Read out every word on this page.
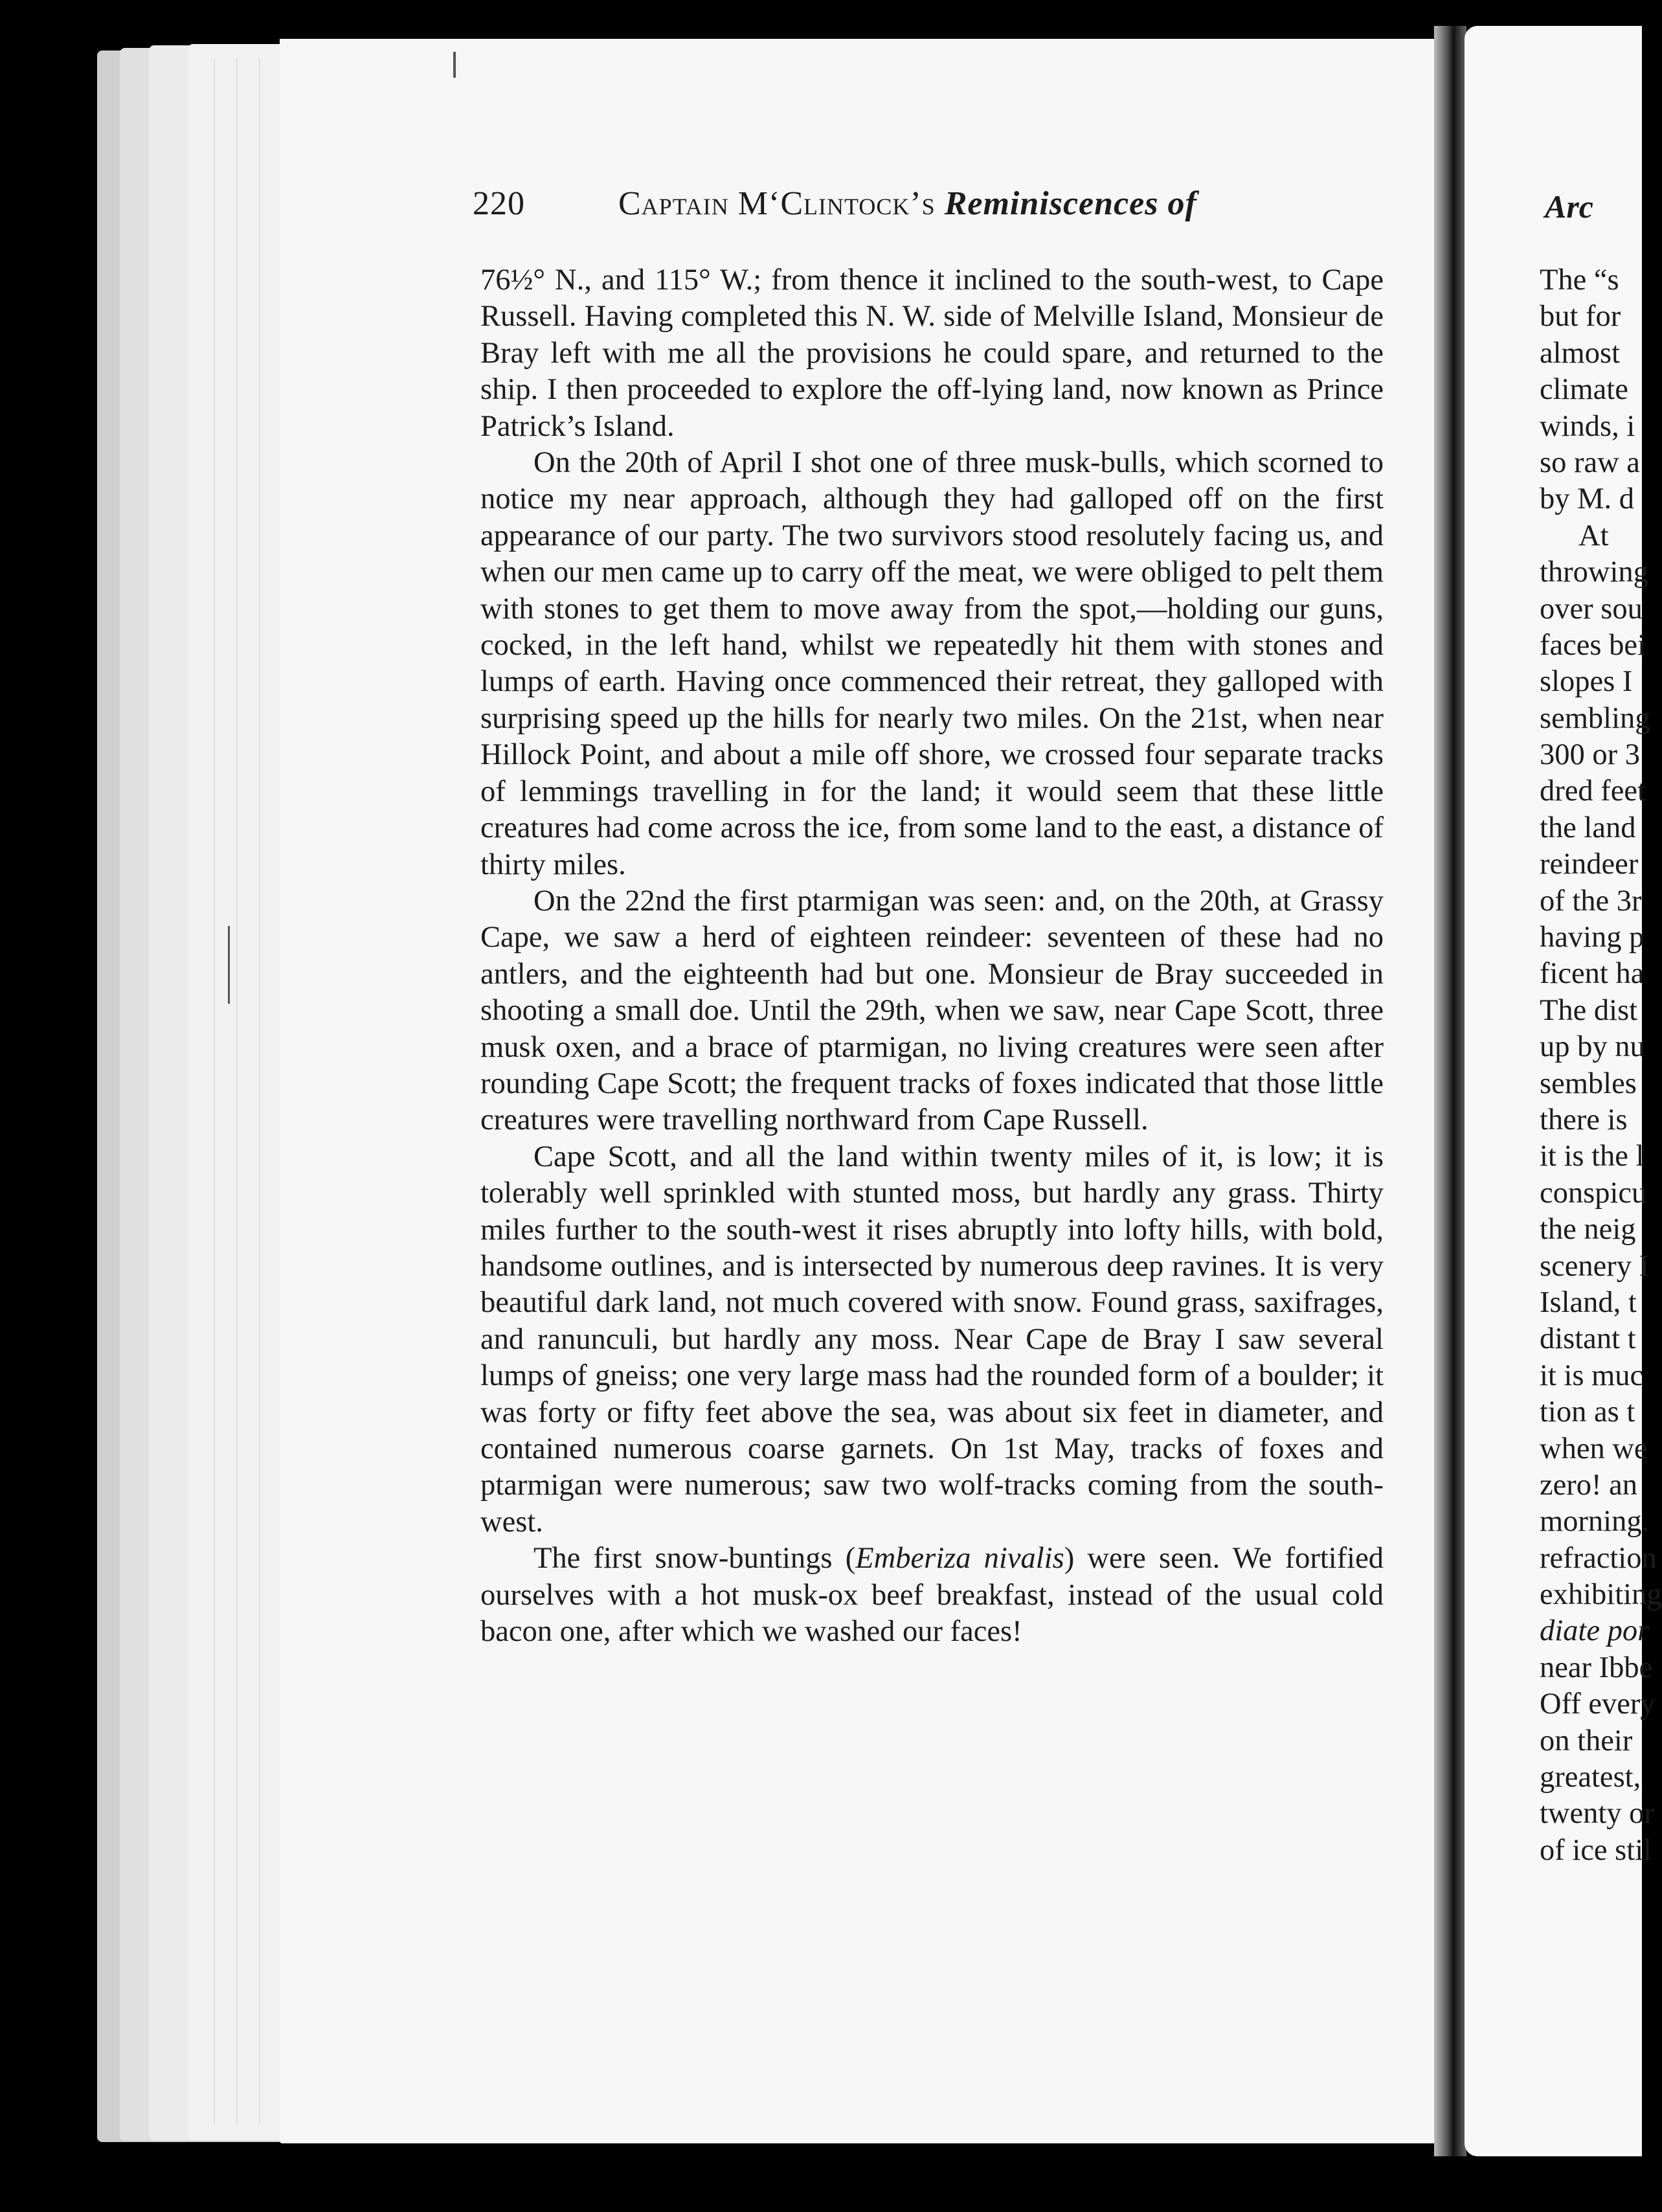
220	Captain M‘Clintock’s Reminiscences of

76½° N., and 115° W.; from thence it inclined to the south-west, to Cape Russell. Having completed this N. W. side of Melville Island, Monsieur de Bray left with me all the provisions he could spare, and returned to the ship. I then proceeded to explore the off-lying land, now known as Prince Patrick’s Island.

On the 20th of April I shot one of three musk-bulls, which scorned to notice my near approach, although they had galloped off on the first appearance of our party. The two survivors stood resolutely facing us, and when our men came up to carry off the meat, we were obliged to pelt them with stones to get them to move away from the spot,—holding our guns, cocked, in the left hand, whilst we repeatedly hit them with stones and lumps of earth. Having once commenced their retreat, they galloped with surprising speed up the hills for nearly two miles. On the 21st, when near Hillock Point, and about a mile off shore, we crossed four separate tracks of lemmings travelling in for the land; it would seem that these little creatures had come across the ice, from some land to the east, a distance of thirty miles.

On the 22nd the first ptarmigan was seen: and, on the 20th, at Grassy Cape, we saw a herd of eighteen reindeer: seventeen of these had no antlers, and the eighteenth had but one. Monsieur de Bray succeeded in shooting a small doe. Until the 29th, when we saw, near Cape Scott, three musk oxen, and a brace of ptarmigan, no living creatures were seen after rounding Cape Scott; the frequent tracks of foxes indicated that those little creatures were travelling northward from Cape Russell.

Cape Scott, and all the land within twenty miles of it, is low; it is tolerably well sprinkled with stunted moss, but hardly any grass. Thirty miles further to the south-west it rises abruptly into lofty hills, with bold, handsome outlines, and is intersected by numerous deep ravines. It is very beautiful dark land, not much covered with snow. Found grass, saxifrages, and ranunculi, but hardly any moss. Near Cape de Bray I saw several lumps of gneiss; one very large mass had the rounded form of a boulder; it was forty or fifty feet above the sea, was about six feet in diameter, and contained numerous coarse garnets. On 1st May, tracks of foxes and ptarmigan were numerous; saw two wolf-tracks coming from the south-west.

The first snow-buntings (Emberiza nivalis) were seen. We fortified ourselves with a hot musk-ox beef breakfast, instead of the usual cold bacon one, after which we washed our faces!

Arc
The “s
but for
almost
climate
winds, i
so raw a
by M. d
At
throwing
over sou
faces bei
slopes I
sembling
300 or 3
dred feet
the land
reindeer
of the 3r
having p
ficent ha
The dist
up by nu
sembles
there is
it is the l
conspicu
the neig
scenery I
Island, t
distant t
it is muc
tion as t
when we
zero! an
morning.
refraction
exhibiting
diate por
near Ibbe
Off every
on their
greatest,
twenty or
of ice stil
